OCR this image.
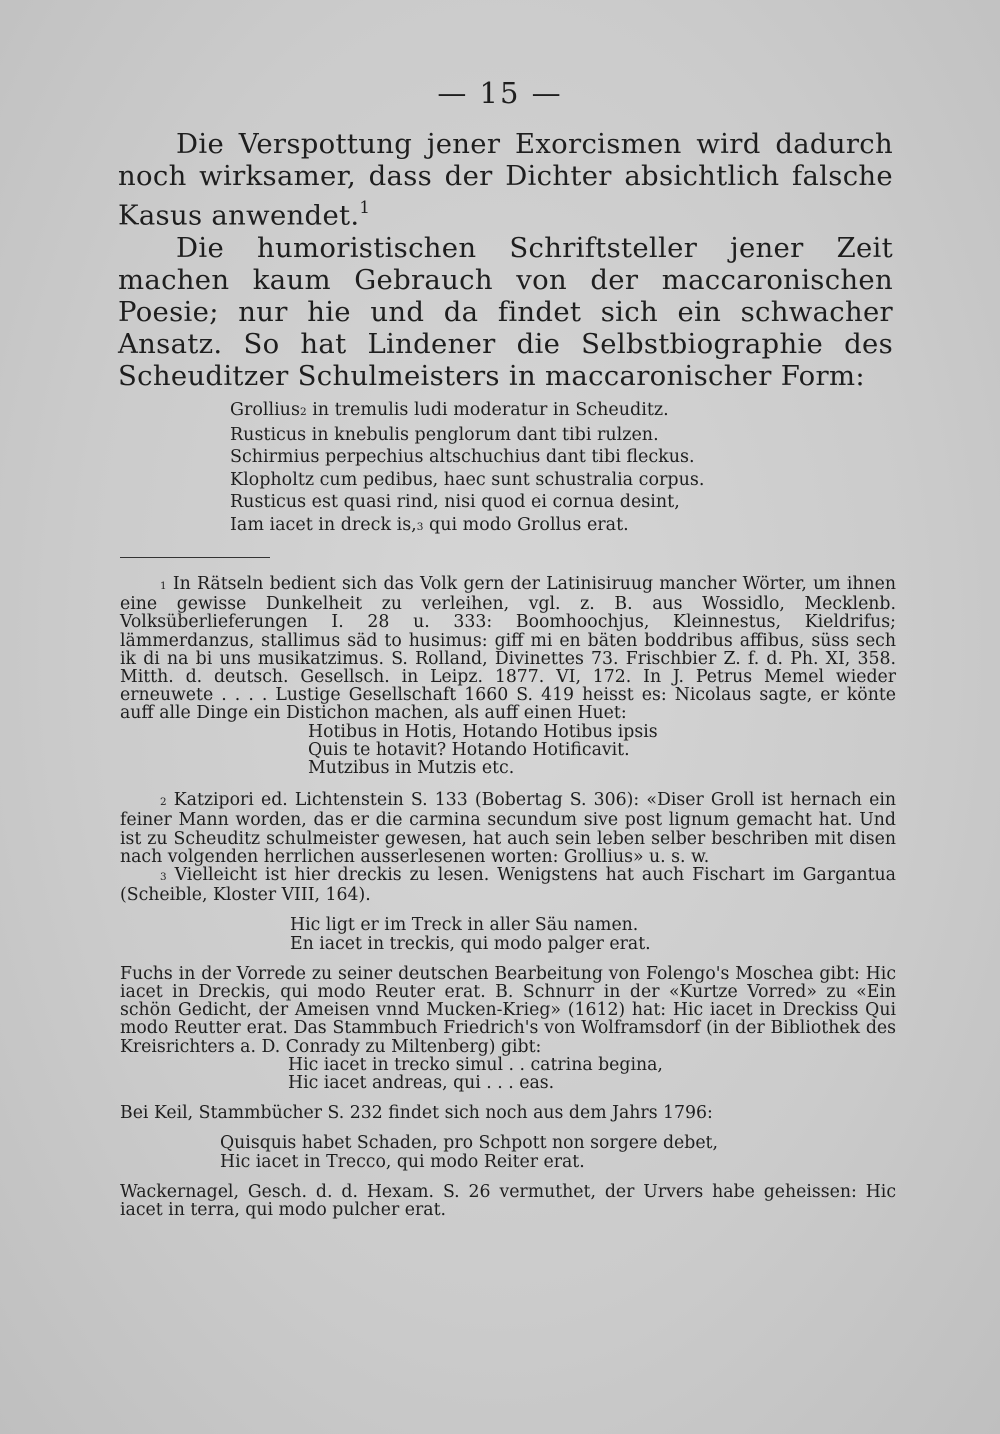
— 15 —

Die Verspottung jener Exorcismen wird dadurch noch wirksamer, dass der Dichter absichtlich falsche Kasus anwendet.$^1$

Die humoristischen Schriftsteller jener Zeit machen kaum Gebrauch von der maccaronischen Poesie; nur hie und da findet sich ein schwacher Ansatz. So hat Lindener die Selbstbiographie des Scheuditzer Schulmeisters in maccaronischer Form:

Grollius2 in tremulis ludi moderatur in Scheuditz.
Rusticus in knebulis penglorum dant tibi rulzen.
Schirmius perpechius altschuchius dant tibi fleckus.
Klopholtz cum pedibus, haec sunt schustralia corpus.
Rusticus est quasi rind, nisi quod ei cornua desint,
Iam iacet in dreck is,3 qui modo Grollus erat.

1 In Rätseln bedient sich das Volk gern der Latinisiruug mancher Wörter, um ihnen eine gewisse Dunkelheit zu verleihen, vgl. z. B. aus Wossidlo, Mecklenb. Volksüberlieferungen I. 28 u. 333: Boomhoochjus, Kleinnestus, Kieldrifus; lämmerdanzus, stallimus säd to husimus: giff mi en bäten boddribus affibus, süss sech ik di na bi uns musikatzimus. S. Rolland, Divinettes 73. Frischbier Z. f. d. Ph. XI, 358. Mitth. d. deutsch. Gesellsch. in Leipz. 1877. VI, 172. In J. Petrus Memel wieder erneuwete . . . . Lustige Gesellschaft 1660 S. 419 heisst es: Nicolaus sagte, er könte auff alle Dinge ein Distichon machen, als auff einen Huet:

Hotibus in Hotis, Hotando Hotibus ipsis
Quis te hotavit? Hotando Hotificavit.
Mutzibus in Mutzis etc.

2 Katzipori ed. Lichtenstein S. 133 (Bobertag S. 306): «Diser Groll ist hernach ein feiner Mann worden, das er die carmina secundum sive post lignum gemacht hat. Und ist zu Scheuditz schulmeister gewesen, hat auch sein leben selber beschriben mit disen nach volgenden herrlichen ausserlesenen worten: Grollius» u. s. w.

3 Vielleicht ist hier dreckis zu lesen. Wenigstens hat auch Fischart im Gargantua (Scheible, Kloster VIII, 164).

Hic ligt er im Treck in aller Säu namen.
En iacet in treckis, qui modo palger erat.

Fuchs in der Vorrede zu seiner deutschen Bearbeitung von Folengo's Moschea gibt: Hic iacet in Dreckis, qui modo Reuter erat. B. Schnurr in der «Kurtze Vorred» zu «Ein schön Gedicht, der Ameisen vnnd Mucken-Krieg» (1612) hat: Hic iacet in Dreckiss Qui modo Reutter erat. Das Stammbuch Friedrich's von Wolframsdorf (in der Bibliothek des Kreisrichters a. D. Conrady zu Miltenberg) gibt:

Hic iacet in trecko simul . . catrina begina,
Hic iacet andreas, qui . . . eas.

Bei Keil, Stammbücher S. 232 findet sich noch aus dem Jahrs 1796:

Quisquis habet Schaden, pro Schpott non sorgere debet,
Hic iacet in Trecco, qui modo Reiter erat.

Wackernagel, Gesch. d. d. Hexam. S. 26 vermuthet, der Urvers habe geheissen: Hic iacet in terra, qui modo pulcher erat.
